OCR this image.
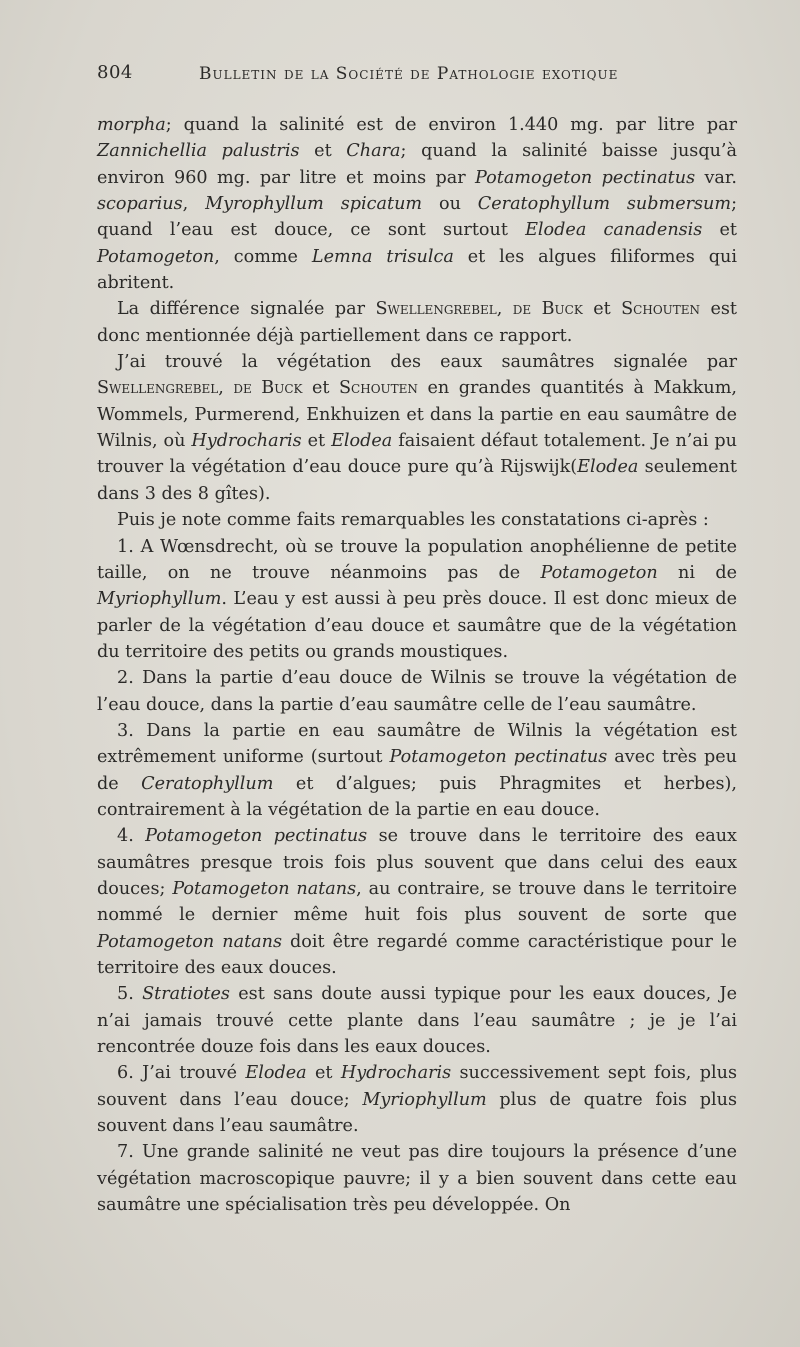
804	Bulletin de la Société de Pathologie exotique

morpha; quand la salinité est de environ 1.440 mg. par litre par Zannichellia palustris et Chara; quand la salinité baisse jusqu’à environ 960 mg. par litre et moins par Potamogeton pectinatus var. scoparius, Myrophyllum spicatum ou Ceratophyllum submersum; quand l’eau est douce, ce sont surtout Elodea canadensis et Potamogeton, comme Lemna trisulca et les algues filiformes qui abritent.

La différence signalée par Swellengrebel, de Buck et Schouten est donc mentionnée déjà partiellement dans ce rapport.

J’ai trouvé la végétation des eaux saumâtres signalée par Swellengrebel, de Buck et Schouten en grandes quantités à Makkum, Wommels, Purmerend, Enkhuizen et dans la partie en eau saumâtre de Wilnis, où Hydrocharis et Elodea faisaient défaut totalement. Je n’ai pu trouver la végétation d’eau douce pure qu’à Rijswijk(Elodea seulement dans 3 des 8 gîtes).

Puis je note comme faits remarquables les constatations ci-après :

1. A Wœnsdrecht, où se trouve la population anophélienne de petite taille, on ne trouve néanmoins pas de Potamogeton ni de Myriophyllum. L’eau y est aussi à peu près douce. Il est donc mieux de parler de la végétation d’eau douce et saumâtre que de la végétation du territoire des petits ou grands moustiques.

2. Dans la partie d’eau douce de Wilnis se trouve la végétation de l’eau douce, dans la partie d’eau saumâtre celle de l’eau saumâtre.

3. Dans la partie en eau saumâtre de Wilnis la végétation est extrêmement uniforme (surtout Potamogeton pectinatus avec très peu de Ceratophyllum et d’algues; puis Phragmites et herbes), contrairement à la végétation de la partie en eau douce.

4. Potamogeton pectinatus se trouve dans le territoire des eaux saumâtres presque trois fois plus souvent que dans celui des eaux douces; Potamogeton natans, au contraire, se trouve dans le territoire nommé le dernier même huit fois plus souvent de sorte que Potamogeton natans doit être regardé comme caractéristique pour le territoire des eaux douces.

5. Stratiotes est sans doute aussi typique pour les eaux douces, Je n’ai jamais trouvé cette plante dans l’eau saumâtre ; je je l’ai rencontrée douze fois dans les eaux douces.

6. J’ai trouvé Elodea et Hydrocharis successivement sept fois, plus souvent dans l’eau douce; Myriophyllum plus de quatre fois plus souvent dans l’eau saumâtre.

7. Une grande salinité ne veut pas dire toujours la présence d’une végétation macroscopique pauvre; il y a bien souvent dans cette eau saumâtre une spécialisation très peu développée. On
